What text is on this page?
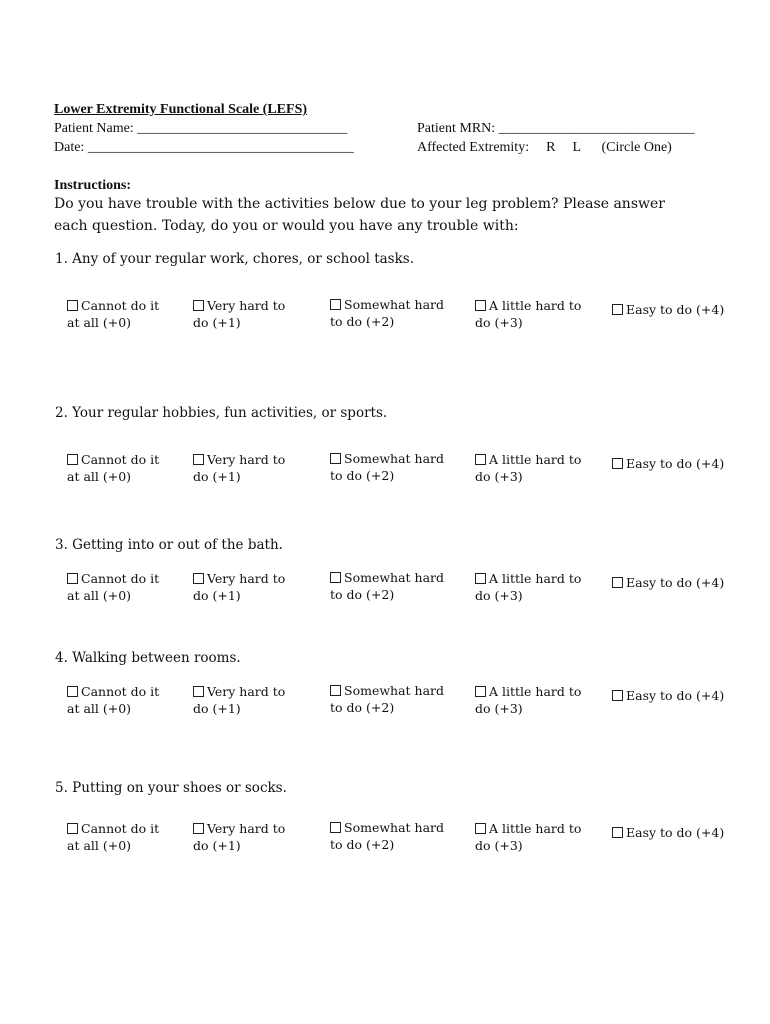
Lower Extremity Functional Scale (LEFS)
Patient Name: ______________________________
Date: ______________________________________
Patient MRN: ____________________________
Affected Extremity: R L (Circle One)
Instructions:
Do you have trouble with the activities below due to your leg problem? Please answer each question. Today, do you or would you have any trouble with:
1. Any of your regular work, chores, or school tasks.
Cannot do it
at all (+0)
Very hard to
do (+1)
Somewhat hard
to do (+2)
A little hard to
do (+3)
Easy to do (+4)
2. Your regular hobbies, fun activities, or sports.
Cannot do it
at all (+0)
Very hard to
do (+1)
Somewhat hard
to do (+2)
A little hard to
do (+3)
Easy to do (+4)
3. Getting into or out of the bath.
Cannot do it
at all (+0)
Very hard to
do (+1)
Somewhat hard
to do (+2)
A little hard to
do (+3)
Easy to do (+4)
4. Walking between rooms.
Cannot do it
at all (+0)
Very hard to
do (+1)
Somewhat hard
to do (+2)
A little hard to
do (+3)
Easy to do (+4)
5. Putting on your shoes or socks.
Cannot do it
at all (+0)
Very hard to
do (+1)
Somewhat hard
to do (+2)
A little hard to
do (+3)
Easy to do (+4)
